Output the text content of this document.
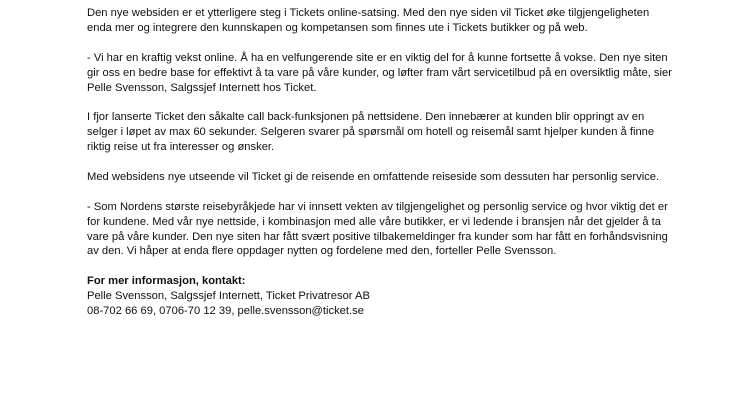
Den nye websiden er et ytterligere steg i Tickets online-satsing. Med den nye siden vil Ticket øke tilgjengeligheten enda mer og integrere den kunnskapen og kompetansen som finnes ute i Tickets butikker og på web.

- Vi har en kraftig vekst online. Å ha en velfungerende site er en viktig del for å kunne fortsette å vokse. Den nye siten gir oss en bedre base for effektivt å ta vare på våre kunder, og løfter fram vårt servicetilbud på en oversiktlig måte, sier Pelle Svensson, Salgssjef Internett hos Ticket.

I fjor lanserte Ticket den såkalte call back-funksjonen på nettsidene. Den innebærer at kunden blir oppringt av en selger i løpet av max 60 sekunder. Selgeren svarer på spørsmål om hotell og reisemål samt hjelper kunden å finne riktig reise ut fra interesser og ønsker.

Med websidens nye utseende vil Ticket gi de reisende en omfattende reiseside som dessuten har personlig service.

- Som Nordens største reisebyråkjede har vi innsett vekten av tilgjengelighet og personlig service og hvor viktig det er for kundene. Med vår nye nettside, i kombinasjon med alle våre butikker, er vi ledende i bransjen når det gjelder å ta vare på våre kunder. Den nye siten har fått svært positive tilbakemeldinger fra kunder som har fått en forhåndsvisning av den. Vi håper at enda flere oppdager nytten og fordelene med den, forteller Pelle Svensson.

For mer informasjon, kontakt:
Pelle Svensson, Salgssjef Internett, Ticket Privatresor AB
08-702 66 69, 0706-70 12 39, pelle.svensson@ticket.se
